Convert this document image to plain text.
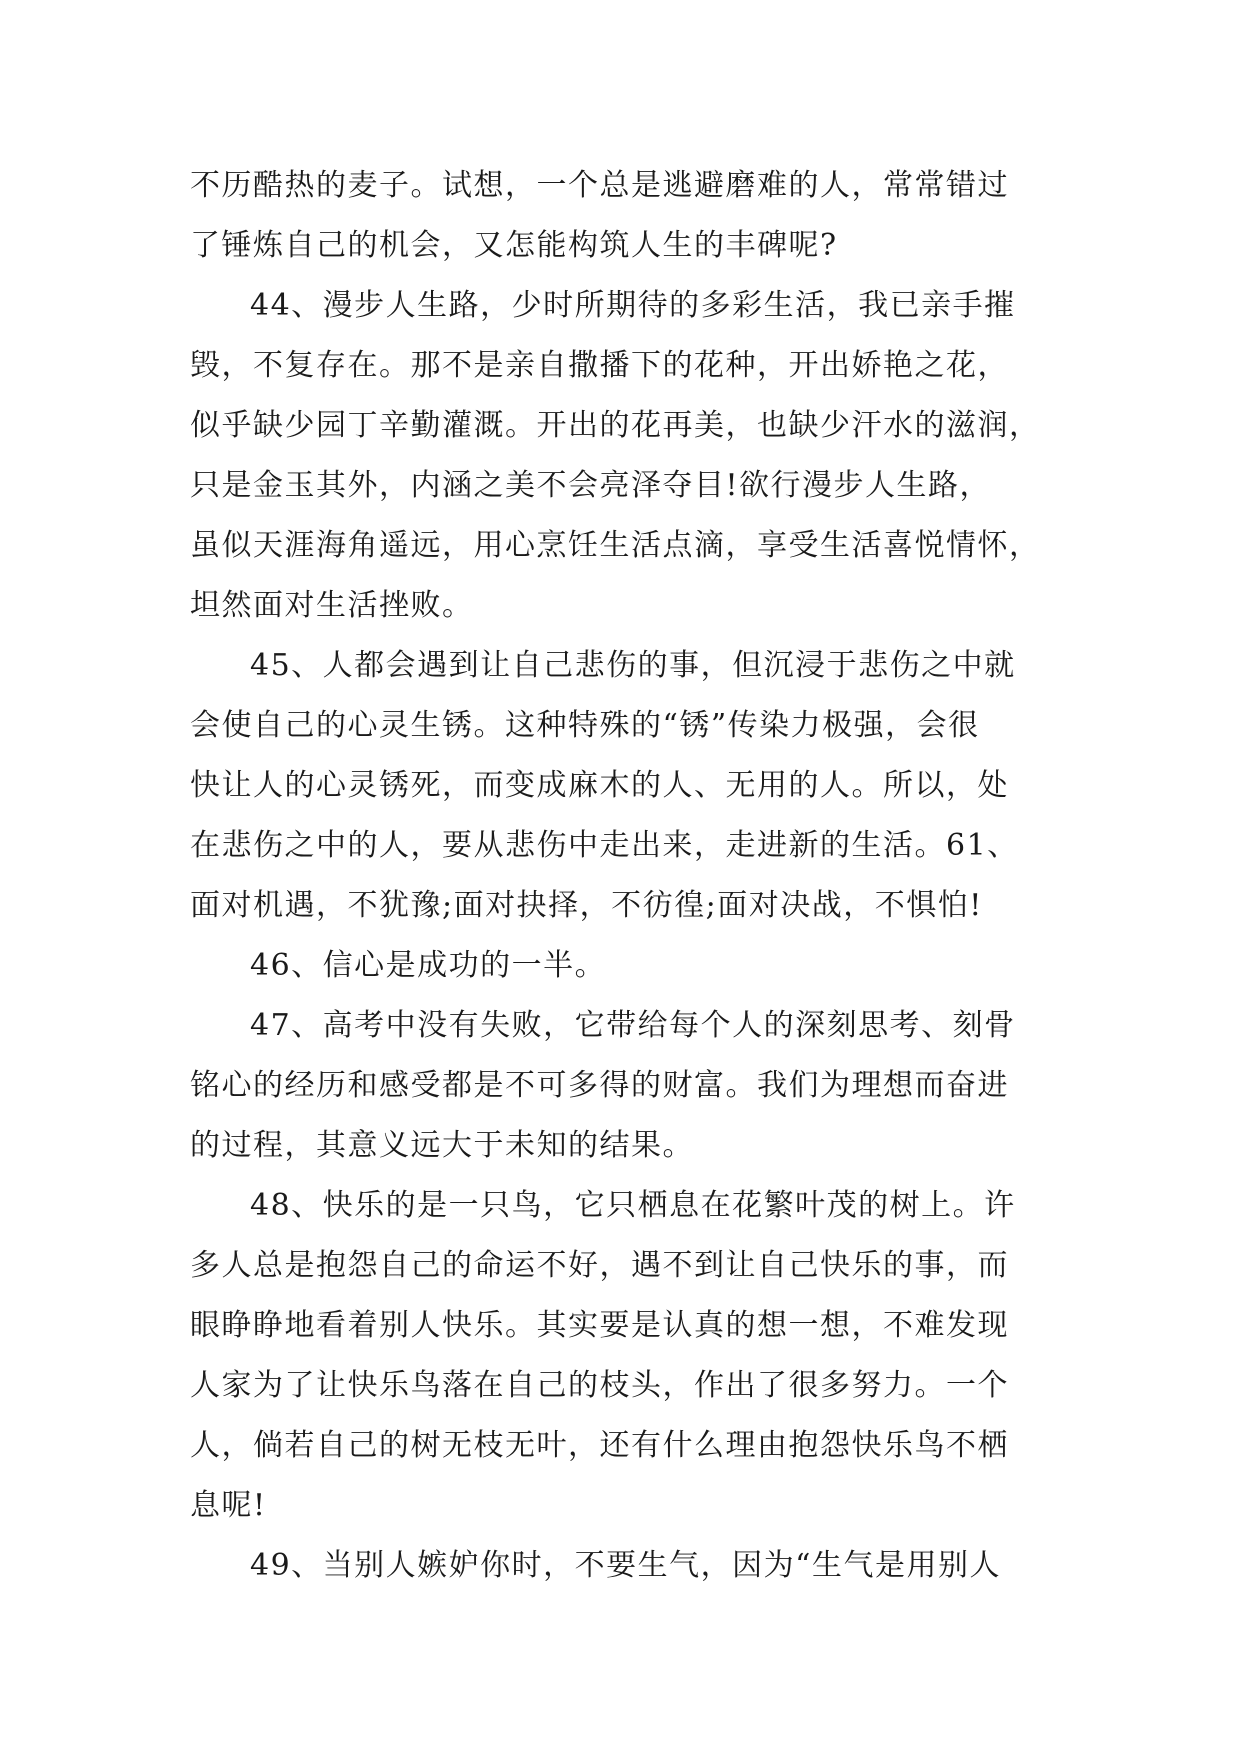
不历酷热的麦子。试想，一个总是逃避磨难的人，常常错过
了锤炼自己的机会，又怎能构筑人生的丰碑呢?
44、漫步人生路，少时所期待的多彩生活，我已亲手摧
毁，不复存在。那不是亲自撒播下的花种，开出娇艳之花，
似乎缺少园丁辛勤灌溉。开出的花再美，也缺少汗水的滋润，
只是金玉其外，内涵之美不会亮泽夺目!欲行漫步人生路，
虽似天涯海角遥远，用心烹饪生活点滴，享受生活喜悦情怀，
坦然面对生活挫败。
45、人都会遇到让自己悲伤的事，但沉浸于悲伤之中就
会使自己的心灵生锈。这种特殊的“锈”传染力极强，会很
快让人的心灵锈死，而变成麻木的人、无用的人。所以，处
在悲伤之中的人，要从悲伤中走出来，走进新的生活。61、
面对机遇，不犹豫;面对抉择，不彷徨;面对决战，不惧怕!
46、信心是成功的一半。
47、高考中没有失败，它带给每个人的深刻思考、刻骨
铭心的经历和感受都是不可多得的财富。我们为理想而奋进
的过程，其意义远大于未知的结果。
48、快乐的是一只鸟，它只栖息在花繁叶茂的树上。许
多人总是抱怨自己的命运不好，遇不到让自己快乐的事，而
眼睁睁地看着别人快乐。其实要是认真的想一想，不难发现
人家为了让快乐鸟落在自己的枝头，作出了很多努力。一个
人，倘若自己的树无枝无叶，还有什么理由抱怨快乐鸟不栖
息呢!
49、当别人嫉妒你时，不要生气，因为“生气是用别人
